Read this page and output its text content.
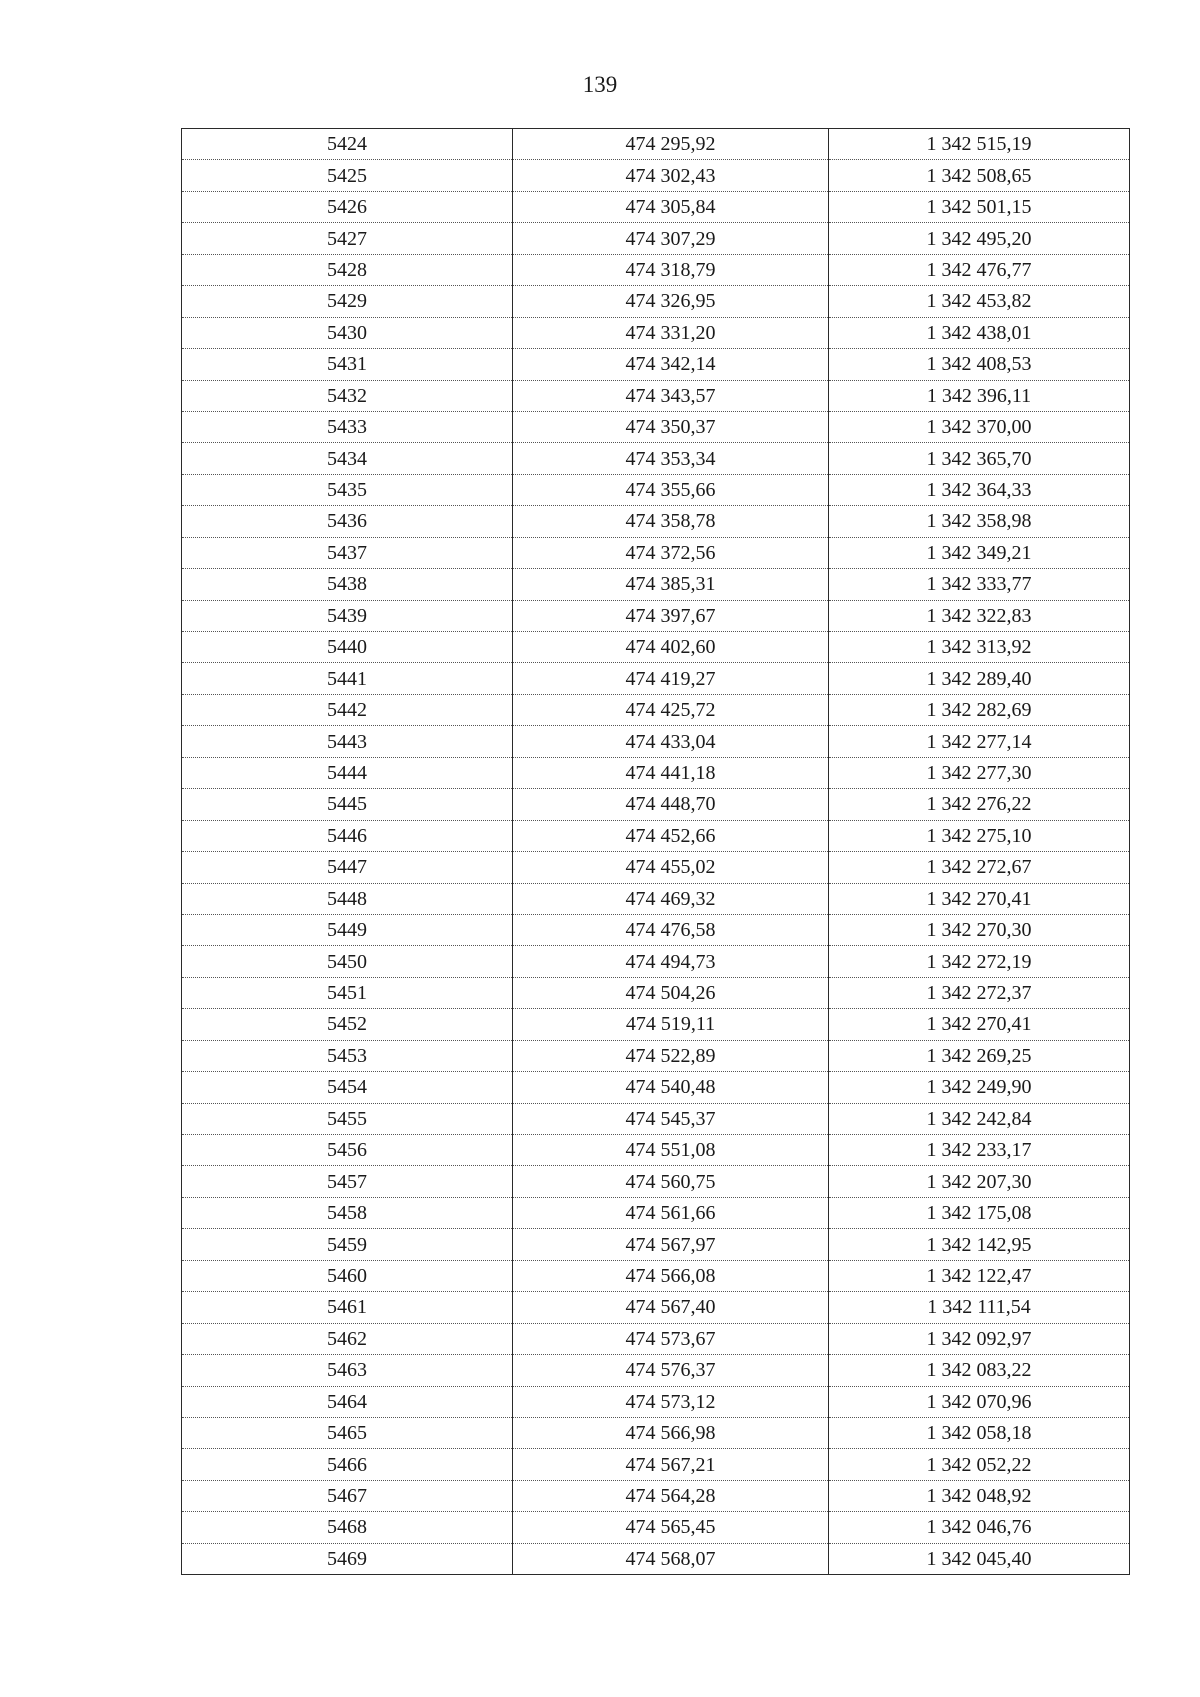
139
5424	474 295,92	1 342 515,19
5425	474 302,43	1 342 508,65
5426	474 305,84	1 342 501,15
5427	474 307,29	1 342 495,20
5428	474 318,79	1 342 476,77
5429	474 326,95	1 342 453,82
5430	474 331,20	1 342 438,01
5431	474 342,14	1 342 408,53
5432	474 343,57	1 342 396,11
5433	474 350,37	1 342 370,00
5434	474 353,34	1 342 365,70
5435	474 355,66	1 342 364,33
5436	474 358,78	1 342 358,98
5437	474 372,56	1 342 349,21
5438	474 385,31	1 342 333,77
5439	474 397,67	1 342 322,83
5440	474 402,60	1 342 313,92
5441	474 419,27	1 342 289,40
5442	474 425,72	1 342 282,69
5443	474 433,04	1 342 277,14
5444	474 441,18	1 342 277,30
5445	474 448,70	1 342 276,22
5446	474 452,66	1 342 275,10
5447	474 455,02	1 342 272,67
5448	474 469,32	1 342 270,41
5449	474 476,58	1 342 270,30
5450	474 494,73	1 342 272,19
5451	474 504,26	1 342 272,37
5452	474 519,11	1 342 270,41
5453	474 522,89	1 342 269,25
5454	474 540,48	1 342 249,90
5455	474 545,37	1 342 242,84
5456	474 551,08	1 342 233,17
5457	474 560,75	1 342 207,30
5458	474 561,66	1 342 175,08
5459	474 567,97	1 342 142,95
5460	474 566,08	1 342 122,47
5461	474 567,40	1 342 111,54
5462	474 573,67	1 342 092,97
5463	474 576,37	1 342 083,22
5464	474 573,12	1 342 070,96
5465	474 566,98	1 342 058,18
5466	474 567,21	1 342 052,22
5467	474 564,28	1 342 048,92
5468	474 565,45	1 342 046,76
5469	474 568,07	1 342 045,40
